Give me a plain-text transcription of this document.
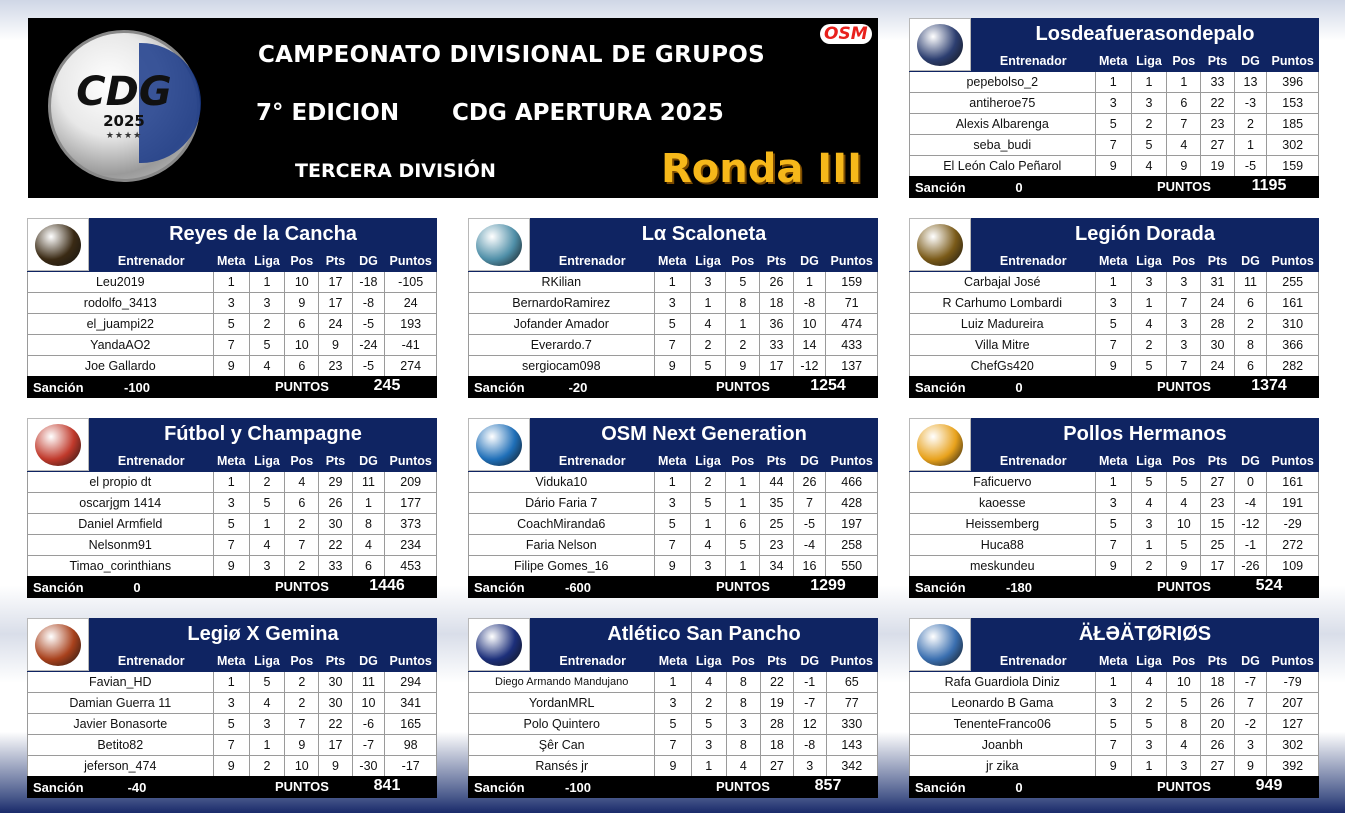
CDG
2025
★★★★
CAMPEONATO DIVISIONAL DE GRUPOS
7° EDICION CDG APERTURA 2025
TERCERA DIVISIÓN	Ronda III
OSM	Losdeafuerasondepalo
Entrenador	Meta	Liga	Pos	Pts	DG	Puntos
pepebolso_2	1	1	1	33	13	396
antiheroe75	3	3	6	22	-3	153
Alexis Albarenga	5	2	7	23	2	185
seba_budi	7	5	4	27	1	302
El León Calo Peñarol	9	4	9	19	-5	159
Sanción	0	PUNTOS	1195
Reyes de la Cancha
Entrenador	Meta	Liga	Pos	Pts	DG	Puntos
Leu2019	1	1	10	17	-18	-105
rodolfo_3413	3	3	9	17	-8	24
el_juampi22	5	2	6	24	-5	193
YandaAO2	7	5	10	9	-24	-41
Joe Gallardo	9	4	6	23	-5	274
Sanción	-100	PUNTOS	245
Lα Scaloneta
Entrenador	Meta	Liga	Pos	Pts	DG	Puntos
RKilian	1	3	5	26	1	159
BernardoRamirez	3	1	8	18	-8	71
Jofander Amador	5	4	1	36	10	474
Everardo.7	7	2	2	33	14	433
sergiocam098	9	5	9	17	-12	137
Sanción	-20	PUNTOS	1254
Legión Dorada
Entrenador	Meta	Liga	Pos	Pts	DG	Puntos
Carbajal José	1	3	3	31	11	255
R Carhumo Lombardi	3	1	7	24	6	161
Luiz Madureira	5	4	3	28	2	310
Villa Mitre	7	2	3	30	8	366
ChefGs420	9	5	7	24	6	282
Sanción	0	PUNTOS	1374
Fútbol y Champagne
Entrenador	Meta	Liga	Pos	Pts	DG	Puntos
el propio dt	1	2	4	29	11	209
oscarjgm 1414	3	5	6	26	1	177
Daniel Armfield	5	1	2	30	8	373
Nelsonm91	7	4	7	22	4	234
Timao_corinthians	9	3	2	33	6	453
Sanción	0	PUNTOS	1446
OSM Next Generation
Entrenador	Meta	Liga	Pos	Pts	DG	Puntos
Viduka10	1	2	1	44	26	466
Dário Faria 7	3	5	1	35	7	428
CoachMiranda6	5	1	6	25	-5	197
Faria Nelson	7	4	5	23	-4	258
Filipe Gomes_16	9	3	1	34	16	550
Sanción	-600	PUNTOS	1299
Pollos Hermanos
Entrenador	Meta	Liga	Pos	Pts	DG	Puntos
Faficuervo	1	5	5	27	0	161
kaoesse	3	4	4	23	-4	191
Heissemberg	5	3	10	15	-12	-29
Huca88	7	1	5	25	-1	272
meskundeu	9	2	9	17	-26	109
Sanción	-180	PUNTOS	524
Legiø X Gemina
Entrenador	Meta	Liga	Pos	Pts	DG	Puntos
Favian_HD	1	5	2	30	11	294
Damian Guerra 11	3	4	2	30	10	341
Javier Bonasorte	5	3	7	22	-6	165
Betito82	7	1	9	17	-7	98
jeferson_474	9	2	10	9	-30	-17
Sanción	-40	PUNTOS	841
Atlético San Pancho
Entrenador	Meta	Liga	Pos	Pts	DG	Puntos
Diego Armando Mandujano	1	4	8	22	-1	65
YordanMRL	3	2	8	19	-7	77
Polo Quintero	5	5	3	28	12	330
Şêr Can	7	3	8	18	-8	143
Ransés jr	9	1	4	27	3	342
Sanción	-100	PUNTOS	857
ÄŁƏÄTØRIØS
Entrenador	Meta	Liga	Pos	Pts	DG	Puntos
Rafa Guardiola Diniz	1	4	10	18	-7	-79
Leonardo B Gama	3	2	5	26	7	207
TenenteFranco06	5	5	8	20	-2	127
Joanbh	7	3	4	26	3	302
jr zika	9	1	3	27	9	392
Sanción	0	PUNTOS	949
